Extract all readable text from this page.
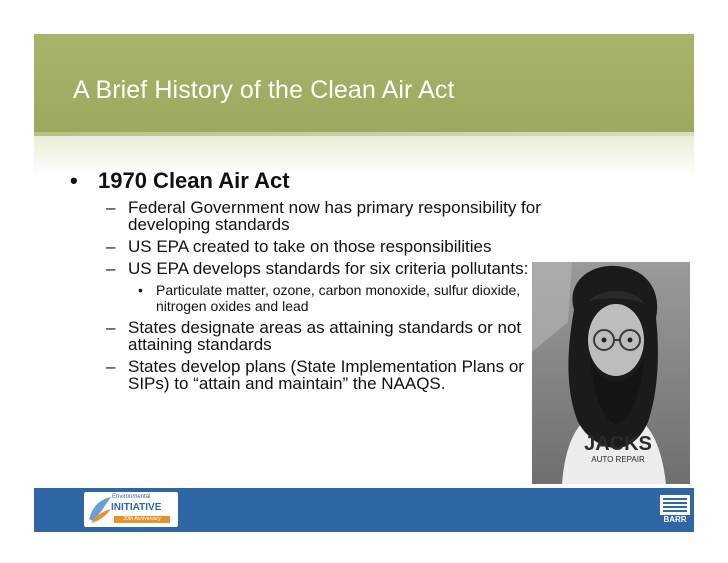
A Brief History of the Clean Air Act

• 1970 Clean Air Act

– Federal Government now has primary responsibility for developing standards
– US EPA created to take on those responsibilities
– US EPA develops standards for six criteria pollutants:
• Particulate matter, ozone, carbon monoxide, sulfur dioxide, nitrogen oxides and lead
– States designate areas as attaining standards or not attaining standards
– States develop plans (State Implementation Plans or SIPs) to “attain and maintain” the NAAQS.
JACKS
AUTO REPAIR
Environmental
INITIATIVE
20th Anniversary	BARR
